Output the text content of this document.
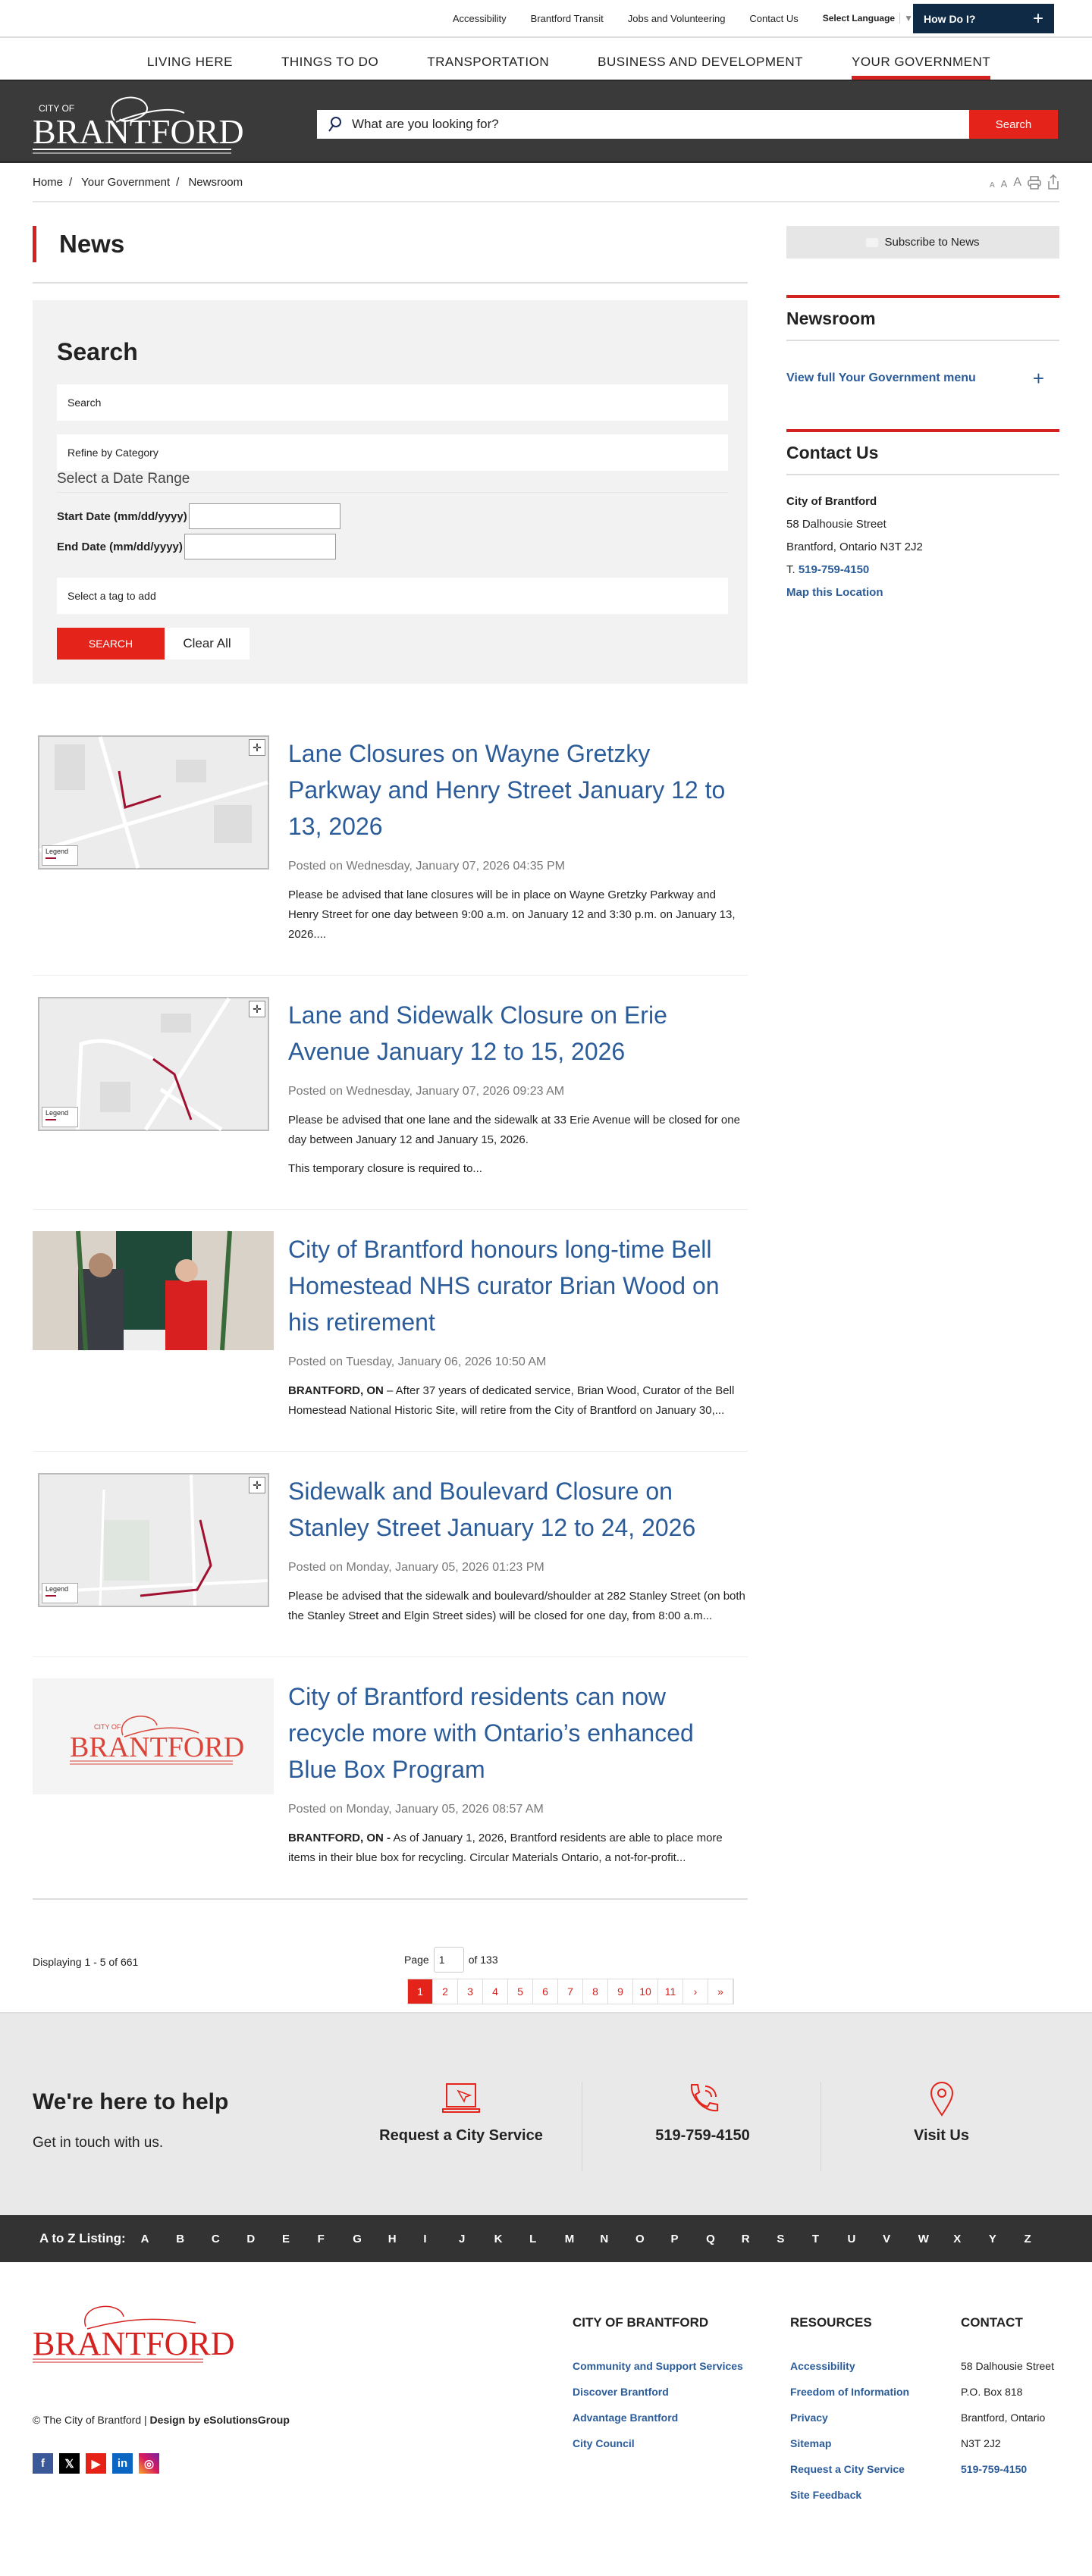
Accessibility Brantford Transit Jobs and Volunteering Contact Us	Select Language ▼ How Do I?	+
LIVING HERE	THINGS TO DO	TRANSPORTATION	BUSINESS AND DEVELOPMENT	YOUR GOVERNMENT
CITY OF
BRANTFORD	What are you looking for?	Search
Home / Your Government / Newsroom	A A A
News
Search
Search
Refine by Category
Select a Date Range
Start Date (mm/dd/yyyy)
End Date (mm/dd/yyyy)
Select a tag to add
SEARCH	Clear All
✛
Legend
Lane Closures on Wayne Gretzky Parkway and Henry Street January 12 to 13, 2026
Posted on Wednesday, January 07, 2026 04:35 PM

Please be advised that lane closures will be in place on Wayne Gretzky Parkway and Henry Street for one day between 9:00 a.m. on January 12 and 3:30 p.m. on January 13, 2026....

✛
Legend
Lane and Sidewalk Closure on Erie Avenue January 12 to 15, 2026
Posted on Wednesday, January 07, 2026 09:23 AM

Please be advised that one lane and the sidewalk at 33 Erie Avenue will be closed for one day between January 12 and January 15, 2026.

This temporary closure is required to...

City of Brantford honours long-time Bell Homestead NHS curator Brian Wood on his retirement
Posted on Tuesday, January 06, 2026 10:50 AM
BRANTFORD, ON – After 37 years of dedicated service, Brian Wood, Curator of the Bell Homestead National Historic Site, will retire from the City of Brantford on January 30,...
✛
Legend
Sidewalk and Boulevard Closure on Stanley Street January 12 to 24, 2026
Posted on Monday, January 05, 2026 01:23 PM

Please be advised that the sidewalk and boulevard/shoulder at 282 Stanley Street (on both the Stanley Street and Elgin Street sides) will be closed for one day, from 8:00 a.m...

CITY OF
BRANTFORD
City of Brantford residents can now recycle more with Ontario’s enhanced Blue Box Program
Posted on Monday, January 05, 2026 08:57 AM
BRANTFORD, ON - As of January 1, 2026, Brantford residents are able to place more items in their blue box for recycling. Circular Materials Ontario, a not-for-profit...
Displaying 1 - 5 of 661	Page 1	of 133
1	2	3	4	5	6	7	8	9	10	11	›	»
Subscribe to News
Newsroom
View full Your Government menu	+
Contact Us
City of Brantford
58 Dalhousie Street
Brantford, Ontario N3T 2J2
T. 519-759-4150
Map this Location
We're here to help
Get in touch with us.	Request a City Service	519-759-4150	Visit Us
A to Z Listing: A	B	C	D	E	F	G	H	I	J	K	L	M	N	O	P	Q	R	S	T	U	V	W	X	Y	Z
BRANTFORD
© The City of Brantford | Design by eSolutionsGroup
f	𝕏	▶	in	◎
CITY OF BRANTFORD
Community and Support Services
Discover Brantford
Advantage Brantford
City Council
RESOURCES
Accessibility
Freedom of Information
Privacy
Sitemap
Request a City Service
Site Feedback
CONTACT
58 Dalhousie Street
P.O. Box 818
Brantford, Ontario
N3T 2J2
519-759-4150
